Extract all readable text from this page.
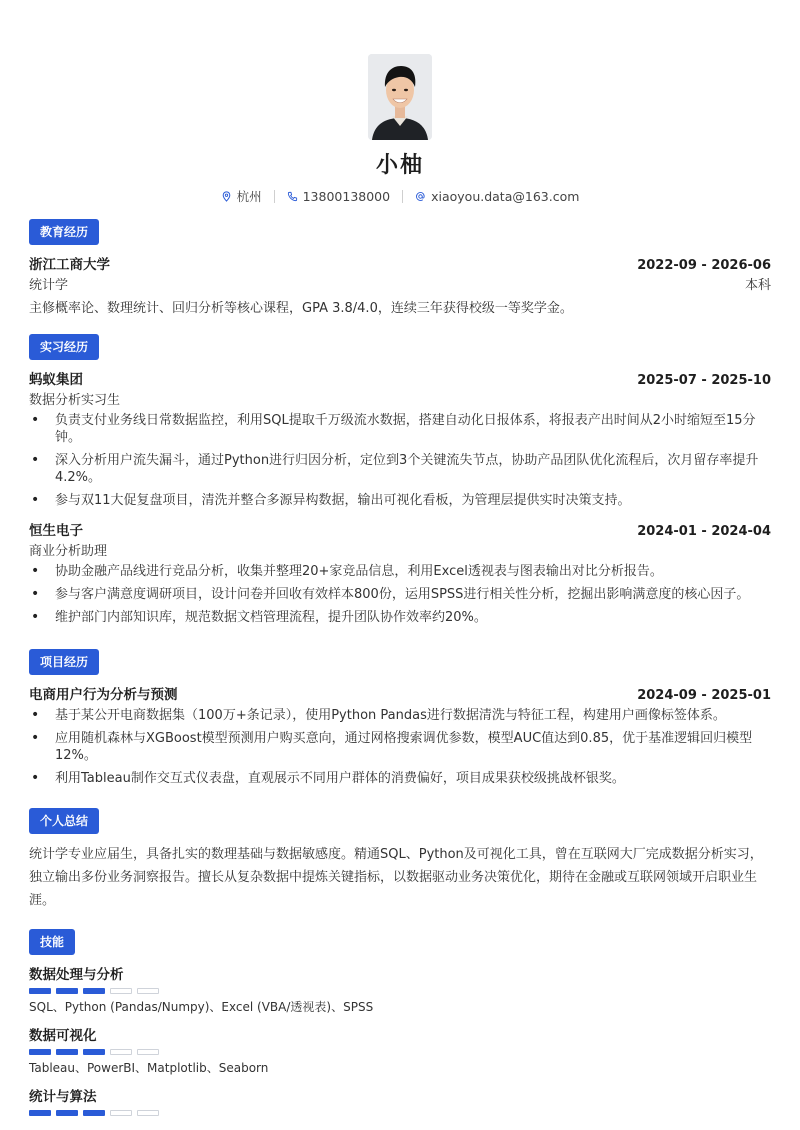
小柚
杭州	13800138000	xiaoyou.data@163.com
教育经历
浙江工商大学	2022-09 - 2026-06
统计学	本科
主修概率论、数理统计、回归分析等核心课程，GPA 3.8/4.0，连续三年获得校级一等奖学金。
实习经历
蚂蚁集团	2025-07 - 2025-10
数据分析实习生
• 负责支付业务线日常数据监控，利用SQL提取千万级流水数据，搭建自动化日报体系，将报表产出时间从2小时缩短至15分钟。
• 深入分析用户流失漏斗，通过Python进行归因分析，定位到3个关键流失节点，协助产品团队优化流程后，次月留存率提升4.2%。
• 参与双11大促复盘项目，清洗并整合多源异构数据，输出可视化看板，为管理层提供实时决策支持。
恒生电子	2024-01 - 2024-04
商业分析助理
• 协助金融产品线进行竞品分析，收集并整理20+家竞品信息，利用Excel透视表与图表输出对比分析报告。
• 参与客户满意度调研项目，设计问卷并回收有效样本800份，运用SPSS进行相关性分析，挖掘出影响满意度的核心因子。
• 维护部门内部知识库，规范数据文档管理流程，提升团队协作效率约20%。
项目经历
电商用户行为分析与预测	2024-09 - 2025-01
• 基于某公开电商数据集（100万+条记录），使用Python Pandas进行数据清洗与特征工程，构建用户画像标签体系。
• 应用随机森林与XGBoost模型预测用户购买意向，通过网格搜索调优参数，模型AUC值达到0.85，优于基准逻辑回归模型12%。
• 利用Tableau制作交互式仪表盘，直观展示不同用户群体的消费偏好，项目成果获校级挑战杯银奖。
个人总结
统计学专业应届生，具备扎实的数理基础与数据敏感度。精通SQL、Python及可视化工具，曾在互联网大厂完成数据分析实习，独立输出多份业务洞察报告。擅长从复杂数据中提炼关键指标，以数据驱动业务决策优化，期待在金融或互联网领域开启职业生涯。
技能
数据处理与分析
SQL、Python (Pandas/Numpy)、Excel (VBA/透视表)、SPSS
数据可视化
Tableau、PowerBI、Matplotlib、Seaborn
统计与算法
